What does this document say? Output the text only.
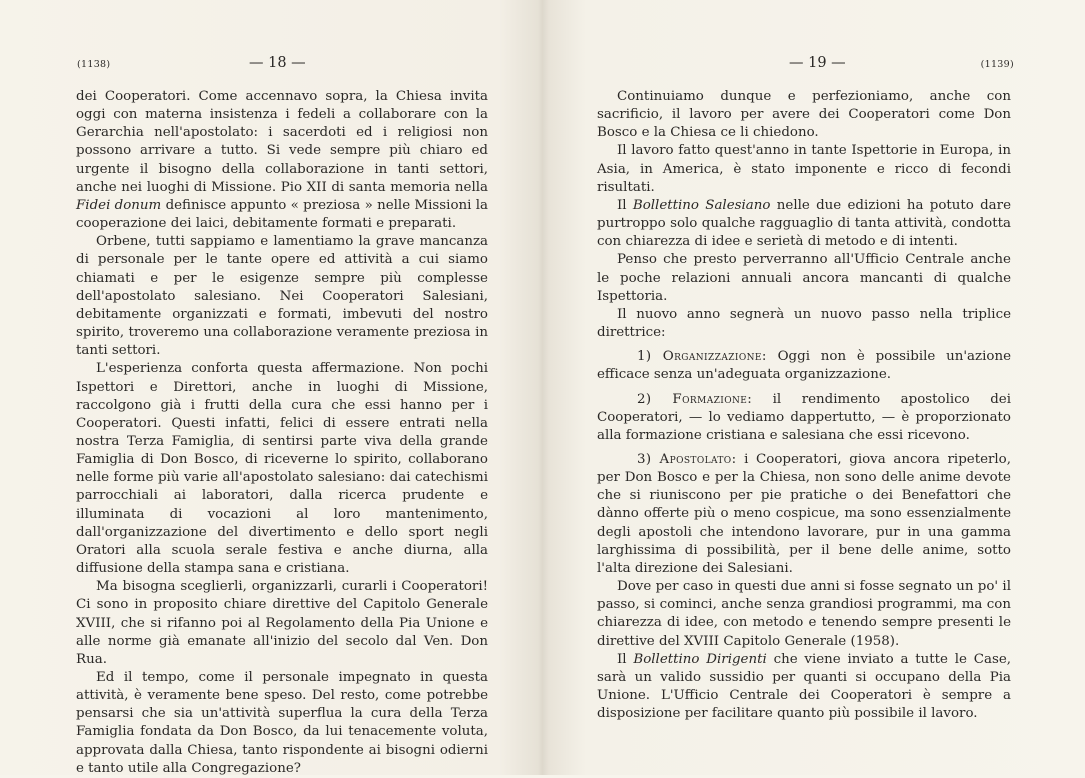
(1138)	— 18 —

dei Cooperatori. Come accennavo sopra, la Chiesa invita oggi con materna insistenza i fedeli a collaborare con la Gerarchia nell'apostolato: i sacerdoti ed i religiosi non possono arrivare a tutto. Si vede sempre più chiaro ed urgente il bisogno della collaborazione in tanti settori, anche nei luoghi di Missione. Pio XII di santa memoria nella Fidei donum definisce appunto « preziosa » nelle Missioni la cooperazione dei laici, debitamente formati e preparati.

Orbene, tutti sappiamo e lamentiamo la grave mancanza di personale per le tante opere ed attività a cui siamo chiamati e per le esigenze sempre più complesse dell'apostolato salesiano. Nei Cooperatori Salesiani, debitamente organizzati e formati, imbevuti del nostro spirito, troveremo una collaborazione veramente preziosa in tanti settori.

L'esperienza conforta questa affermazione. Non pochi Ispettori e Direttori, anche in luoghi di Missione, raccolgono già i frutti della cura che essi hanno per i Cooperatori. Questi infatti, felici di essere entrati nella nostra Terza Famiglia, di sentirsi parte viva della grande Famiglia di Don Bosco, di riceverne lo spirito, collaborano nelle forme più varie all'apostolato salesiano: dai catechismi parrocchiali ai laboratori, dalla ricerca prudente e illuminata di vocazioni al loro mantenimento, dall'organizzazione del divertimento e dello sport negli Oratori alla scuola serale festiva e anche diurna, alla diffusione della stampa sana e cristiana.

Ma bisogna sceglierli, organizzarli, curarli i Cooperatori! Ci sono in proposito chiare direttive del Capitolo Generale XVIII, che si rifanno poi al Regolamento della Pia Unione e alle norme già emanate all'inizio del secolo dal Ven. Don Rua.

Ed il tempo, come il personale impegnato in questa attività, è veramente bene speso. Del resto, come potrebbe pensarsi che sia un'attività superflua la cura della Terza Famiglia fondata da Don Bosco, da lui tenacemente voluta, approvata dalla Chiesa, tanto rispondente ai bisogni odierni e tanto utile alla Congregazione?

— 19 —	(1139)

Continuiamo dunque e perfezioniamo, anche con sacrificio, il lavoro per avere dei Cooperatori come Don Bosco e la Chiesa ce li chiedono.

Il lavoro fatto quest'anno in tante Ispettorie in Europa, in Asia, in America, è stato imponente e ricco di fecondi risultati.

Il Bollettino Salesiano nelle due edizioni ha potuto dare purtroppo solo qualche ragguaglio di tanta attività, condotta con chiarezza di idee e serietà di metodo e di intenti.

Penso che presto perverranno all'Ufficio Centrale anche le poche relazioni annuali ancora mancanti di qualche Ispettoria.

Il nuovo anno segnerà un nuovo passo nella triplice direttrice:

1) Organizzazione: Oggi non è possibile un'azione efficace senza un'adeguata organizzazione.

2) Formazione: il rendimento apostolico dei Cooperatori, — lo vediamo dappertutto, — è proporzionato alla formazione cristiana e salesiana che essi ricevono.

3) Apostolato: i Cooperatori, giova ancora ripeterlo, per Don Bosco e per la Chiesa, non sono delle anime devote che si riuniscono per pie pratiche o dei Benefattori che dànno offerte più o meno cospicue, ma sono essenzialmente degli apostoli che intendono lavorare, pur in una gamma larghissima di possibilità, per il bene delle anime, sotto l'alta direzione dei Salesiani.

Dove per caso in questi due anni si fosse segnato un po' il passo, si cominci, anche senza grandiosi programmi, ma con chiarezza di idee, con metodo e tenendo sempre presenti le direttive del XVIII Capitolo Generale (1958).

Il Bollettino Dirigenti che viene inviato a tutte le Case, sarà un valido sussidio per quanti si occupano della Pia Unione. L'Ufficio Centrale dei Cooperatori è sempre a disposizione per facilitare quanto più possibile il lavoro.
